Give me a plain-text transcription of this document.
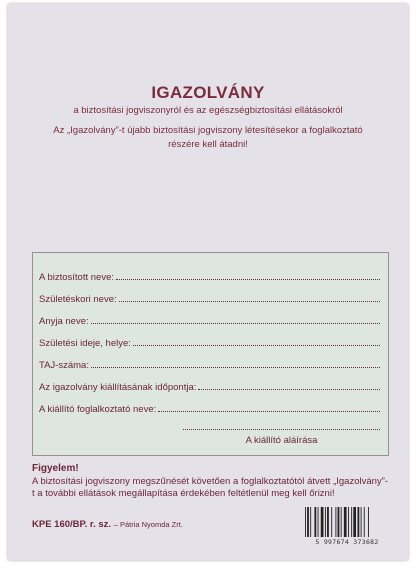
IGAZOLVÁNY
a biztosítási jogviszonyról és az egészségbiztosítási ellátásokról
Az „Igazolvány”-t újabb biztosítási jogviszony létesítésekor a foglalkoztató részére kell átadni!
A biztosított neve:
Születéskori neve:
Anyja neve:
Születési ideje, helye:
TAJ-száma:
Az igazolvány kiállításának időpontja:
A kiállító foglalkoztató neve:
A kiállító aláírása
Figyelem!
A biztosítási jogviszony megszűnését követően a foglalkoztatótól átvett „Igazolvány”-t a további ellátások megállapítása érdekében feltétlenül meg kell őrizni!
KPE 160/BP. r. sz. – Pátria Nyomda Zrt.
5 997674 373682
